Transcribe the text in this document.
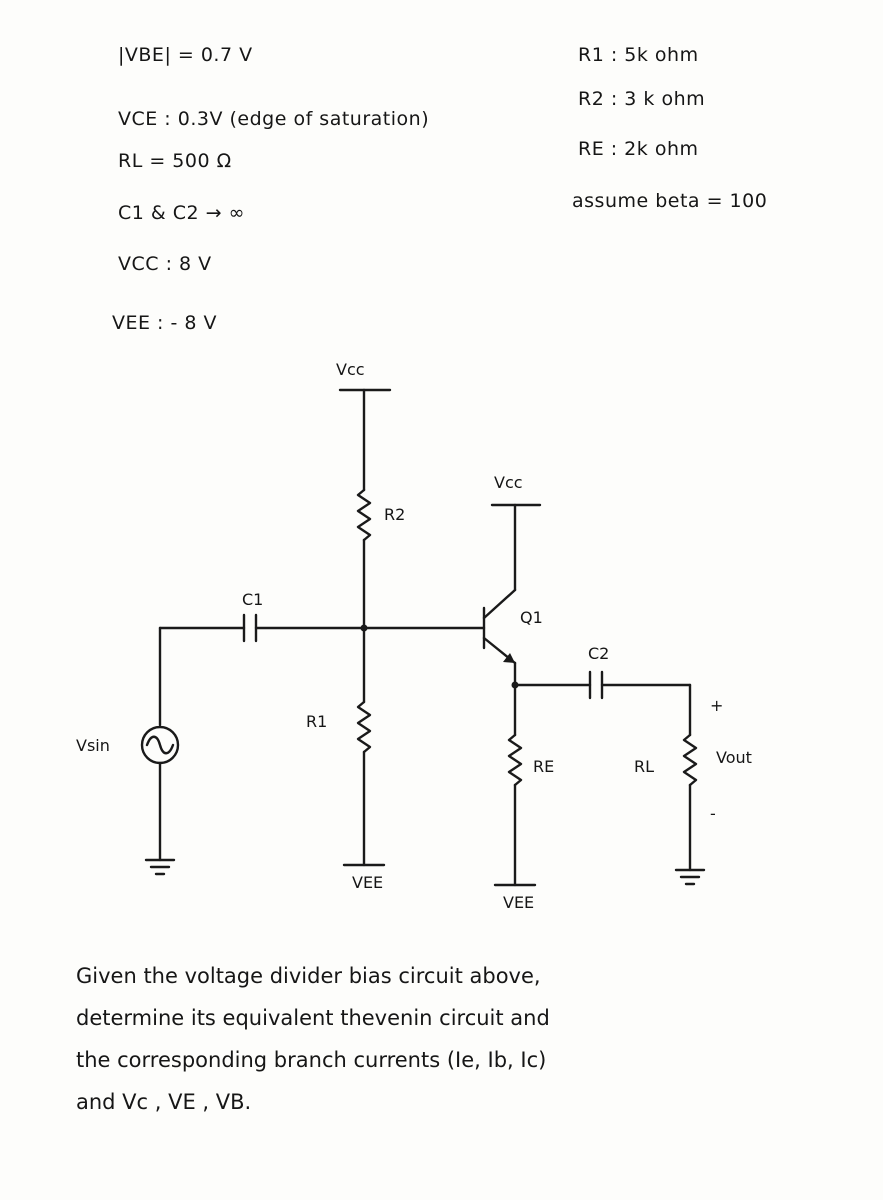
|VBE| = 0.7 V
VCE : 0.3V (edge of saturation)
RL = 500 Ω
C1 & C2 → ∞
VCC : 8 V
VEE : - 8 V
R1 : 5k ohm
R2 : 3 k ohm
RE : 2k ohm
assume beta = 100
Vcc
Vcc
R2
C1
Q1
C2
R1
RE	RL
Vsin
VEE
VEE
+
-
Vout
Given the voltage divider bias circuit above,
determine its equivalent thevenin circuit and
the corresponding branch currents (Ie, Ib, Ic)
and Vc , VE , VB.
